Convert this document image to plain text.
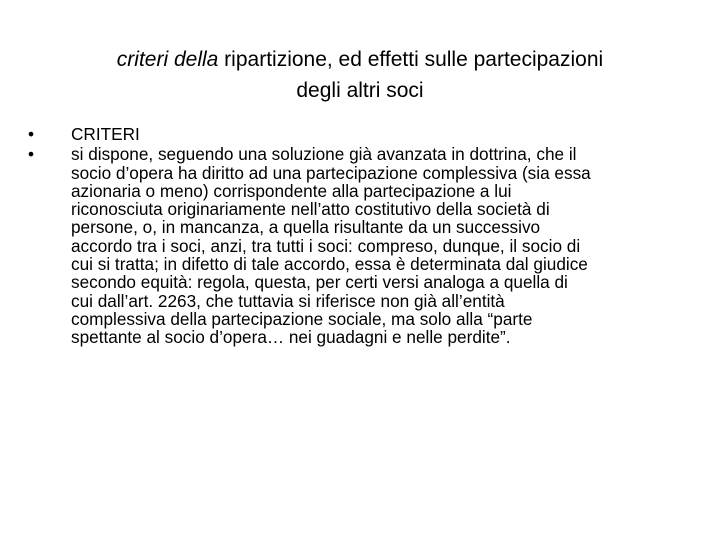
criteri della ripartizione, ed effetti sulle partecipazioni
degli altri soci
•	CRITERI
•	si dispone, seguendo una soluzione già avanzata in dottrina, che il
socio d’opera ha diritto ad una partecipazione complessiva (sia essa
azionaria o meno) corrispondente alla partecipazione a lui
riconosciuta originariamente nell’atto costitutivo della società di
persone, o, in mancanza, a quella risultante da un successivo
accordo tra i soci, anzi, tra tutti i soci: compreso, dunque, il socio di
cui si tratta; in difetto di tale accordo, essa è determinata dal giudice
secondo equità: regola, questa, per certi versi analoga a quella di
cui dall’art. 2263, che tuttavia si riferisce non già all’entità
complessiva della partecipazione sociale, ma solo alla “parte
spettante al socio d’opera… nei guadagni e nelle perdite”.
